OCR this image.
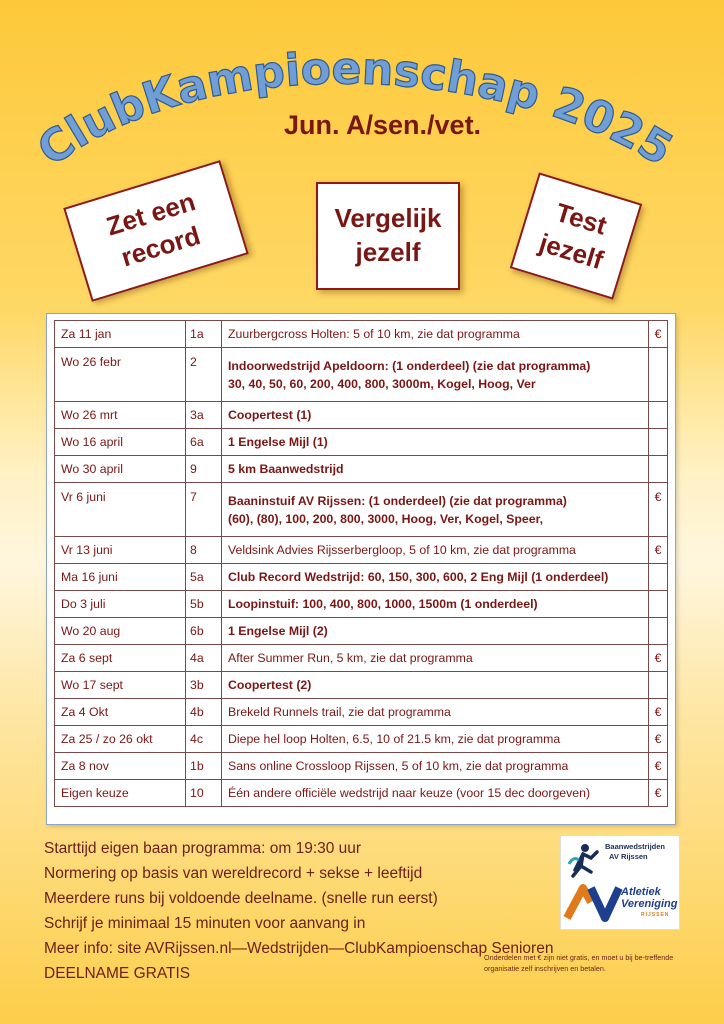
ClubKampioenschap 2025
Jun. A/sen./vet.
Zet een
record
Vergelijk
jezelf
Test
jezelf
Za 11 jan	1a	Zuurbergcross Holten: 5 of 10 km, zie dat programma	€
Wo 26 febr	2	Indoorwedstrijd Apeldoorn: (1 onderdeel) (zie dat programma)
30, 40, 50, 60, 200, 400, 800, 3000m, Kogel, Hoog, Ver	

Wo 26 mrt	3a	Coopertest (1)	

Wo 16 april	6a	1 Engelse Mijl (1)	

Wo 30 april	9	5 km Baanwedstrijd	

Vr 6 juni	7	Baaninstuif AV Rijssen: (1 onderdeel) (zie dat programma)
(60), (80), 100, 200, 800, 3000, Hoog, Ver, Kogel, Speer,	€
Vr 13 juni	8	Veldsink Advies Rijsserbergloop, 5 of 10 km, zie dat programma	€
Ma 16 juni	5a	Club Record Wedstrijd: 60, 150, 300, 600, 2 Eng Mijl (1 onderdeel)	

Do 3 juli	5b	Loopinstuif: 100, 400, 800, 1000, 1500m (1 onderdeel)	

Wo 20 aug	6b	1 Engelse Mijl (2)	

Za 6 sept	4a	After Summer Run, 5 km, zie dat programma	€
Wo 17 sept	3b	Coopertest (2)	

Za 4 Okt	4b	Brekeld Runnels trail, zie dat programma	€
Za 25 / zo 26 okt	4c	Diepe hel loop Holten, 6.5, 10 of 21.5 km, zie dat programma	€
Za 8 nov	1b	Sans online Crossloop Rijssen, 5 of 10 km, zie dat programma	€
Eigen keuze	10	Één andere officiële wedstrijd naar keuze (voor 15 dec doorgeven)	€
Starttijd eigen baan programma: om 19:30 uur
Normering op basis van wereldrecord + sekse + leeftijd
Meerdere runs bij voldoende deelname. (snelle run eerst)
Schrijf je minimaal 15 minuten voor aanvang in
Meer info: site AVRijssen.nl—Wedstrijden—ClubKampioenschap Senioren
DEELNAME GRATIS
Onderdelen met € zijn niet gratis, en moet u bij be-treffende organisatie zelf inschrijven en betalen.
Baanwedstrijden
AV Rijssen
Atletiek
Vereniging
RIJSSEN
